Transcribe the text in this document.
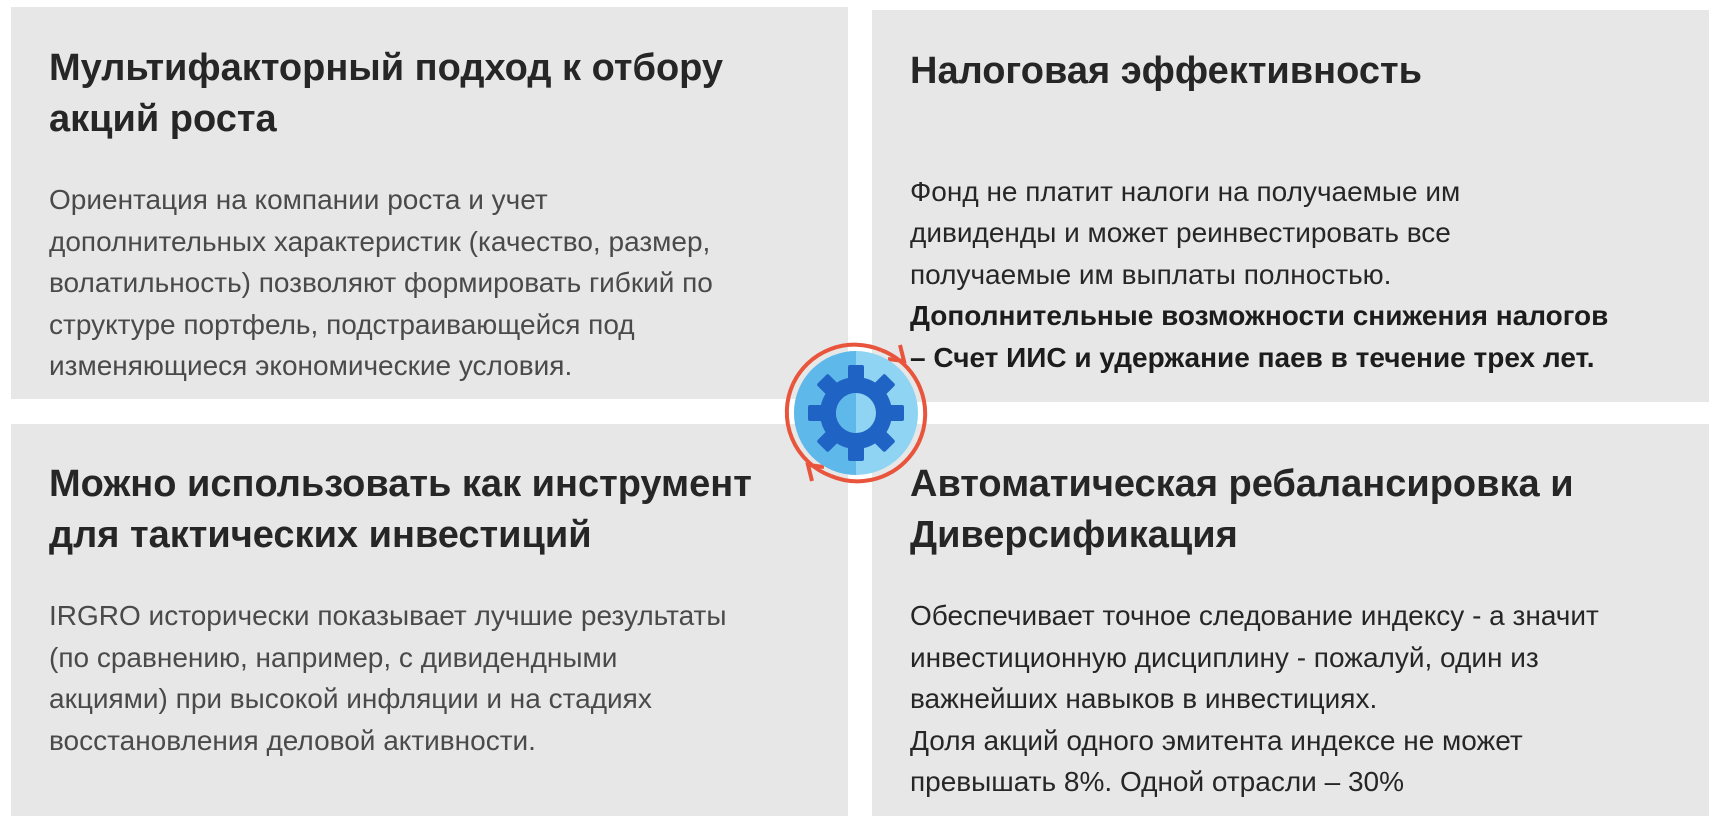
Мультифакторный подход к отбору
акций роста

Ориентация на компании роста и учет
дополнительных характеристик (качество, размер,
волатильность) позволяют формировать гибкий по
структуре портфель, подстраивающейся под
изменяющиеся экономические условия.

Налоговая эффективность

Фонд не платит налоги на получаемые им
дивиденды и может реинвестировать все
получаемые им выплаты полностью.

Дополнительные возможности снижения налогов
– Счет ИИС и удержание паев в течение трех лет.

Можно использовать как инструмент
для тактических инвестиций

IRGRO исторически показывает лучшие результаты
(по сравнению, например, с дивидендными
акциями) при высокой инфляции и на стадиях
восстановления деловой активности.

Автоматическая ребалансировка и
Диверсификация

Обеспечивает точное следование индексу - а значит
инвестиционную дисциплину - пожалуй, один из
важнейших навыков в инвестициях.
Доля акций одного эмитента индексе не может
превышать 8%. Одной отрасли – 30%
